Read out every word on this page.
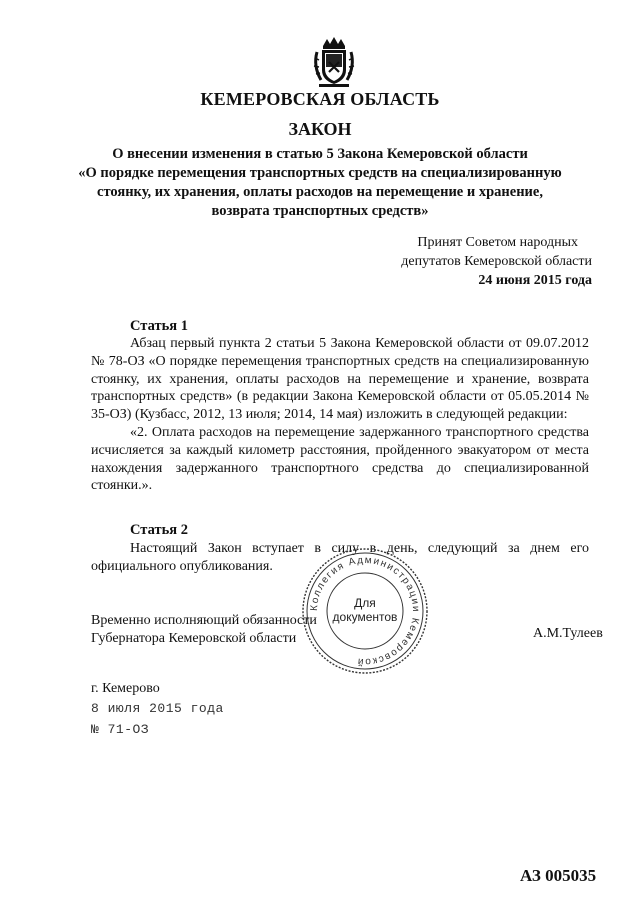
КЕМЕРОВСКАЯ ОБЛАСТЬ
ЗАКОН
О внесении изменения в статью 5 Закона Кемеровской области
«О порядке перемещения транспортных средств на специализированную
стоянку, их хранения, оплаты расходов на перемещение и хранение,
возврата транспортных средств»
Принят Советом народных
депутатов Кемеровской области
24 июня 2015 года
Статья 1

Абзац первый пункта 2 статьи 5 Закона Кемеровской области от 09.07.2012 № 78-ОЗ «О порядке перемещения транспортных средств на специализированную стоянку, их хранения, оплаты расходов на перемещение и хранение, возврата транспортных средств» (в редакции Закона Кемеровской области от 05.05.2014 № 35-ОЗ) (Кузбасс, 2012, 13 июля; 2014, 14 мая) изложить в следующей редакции:

«2. Оплата расходов на перемещение задержанного транспортного средства исчисляется за каждый километр расстояния, пройденного эвакуатором от места нахождения задержанного транспортного средства до специализированной стоянки.».

Статья 2

Настоящий Закон вступает в силу в день, следующий за днем его официального опубликования.

Временно исполняющий обязанности
Губернатора Кемеровской области	А.М.Тулеев
Коллегия Администрации Кемеровской
Для
документов
г. Кемерово
8 июля 2015 года
№ 71-ОЗ
АЗ 005035
